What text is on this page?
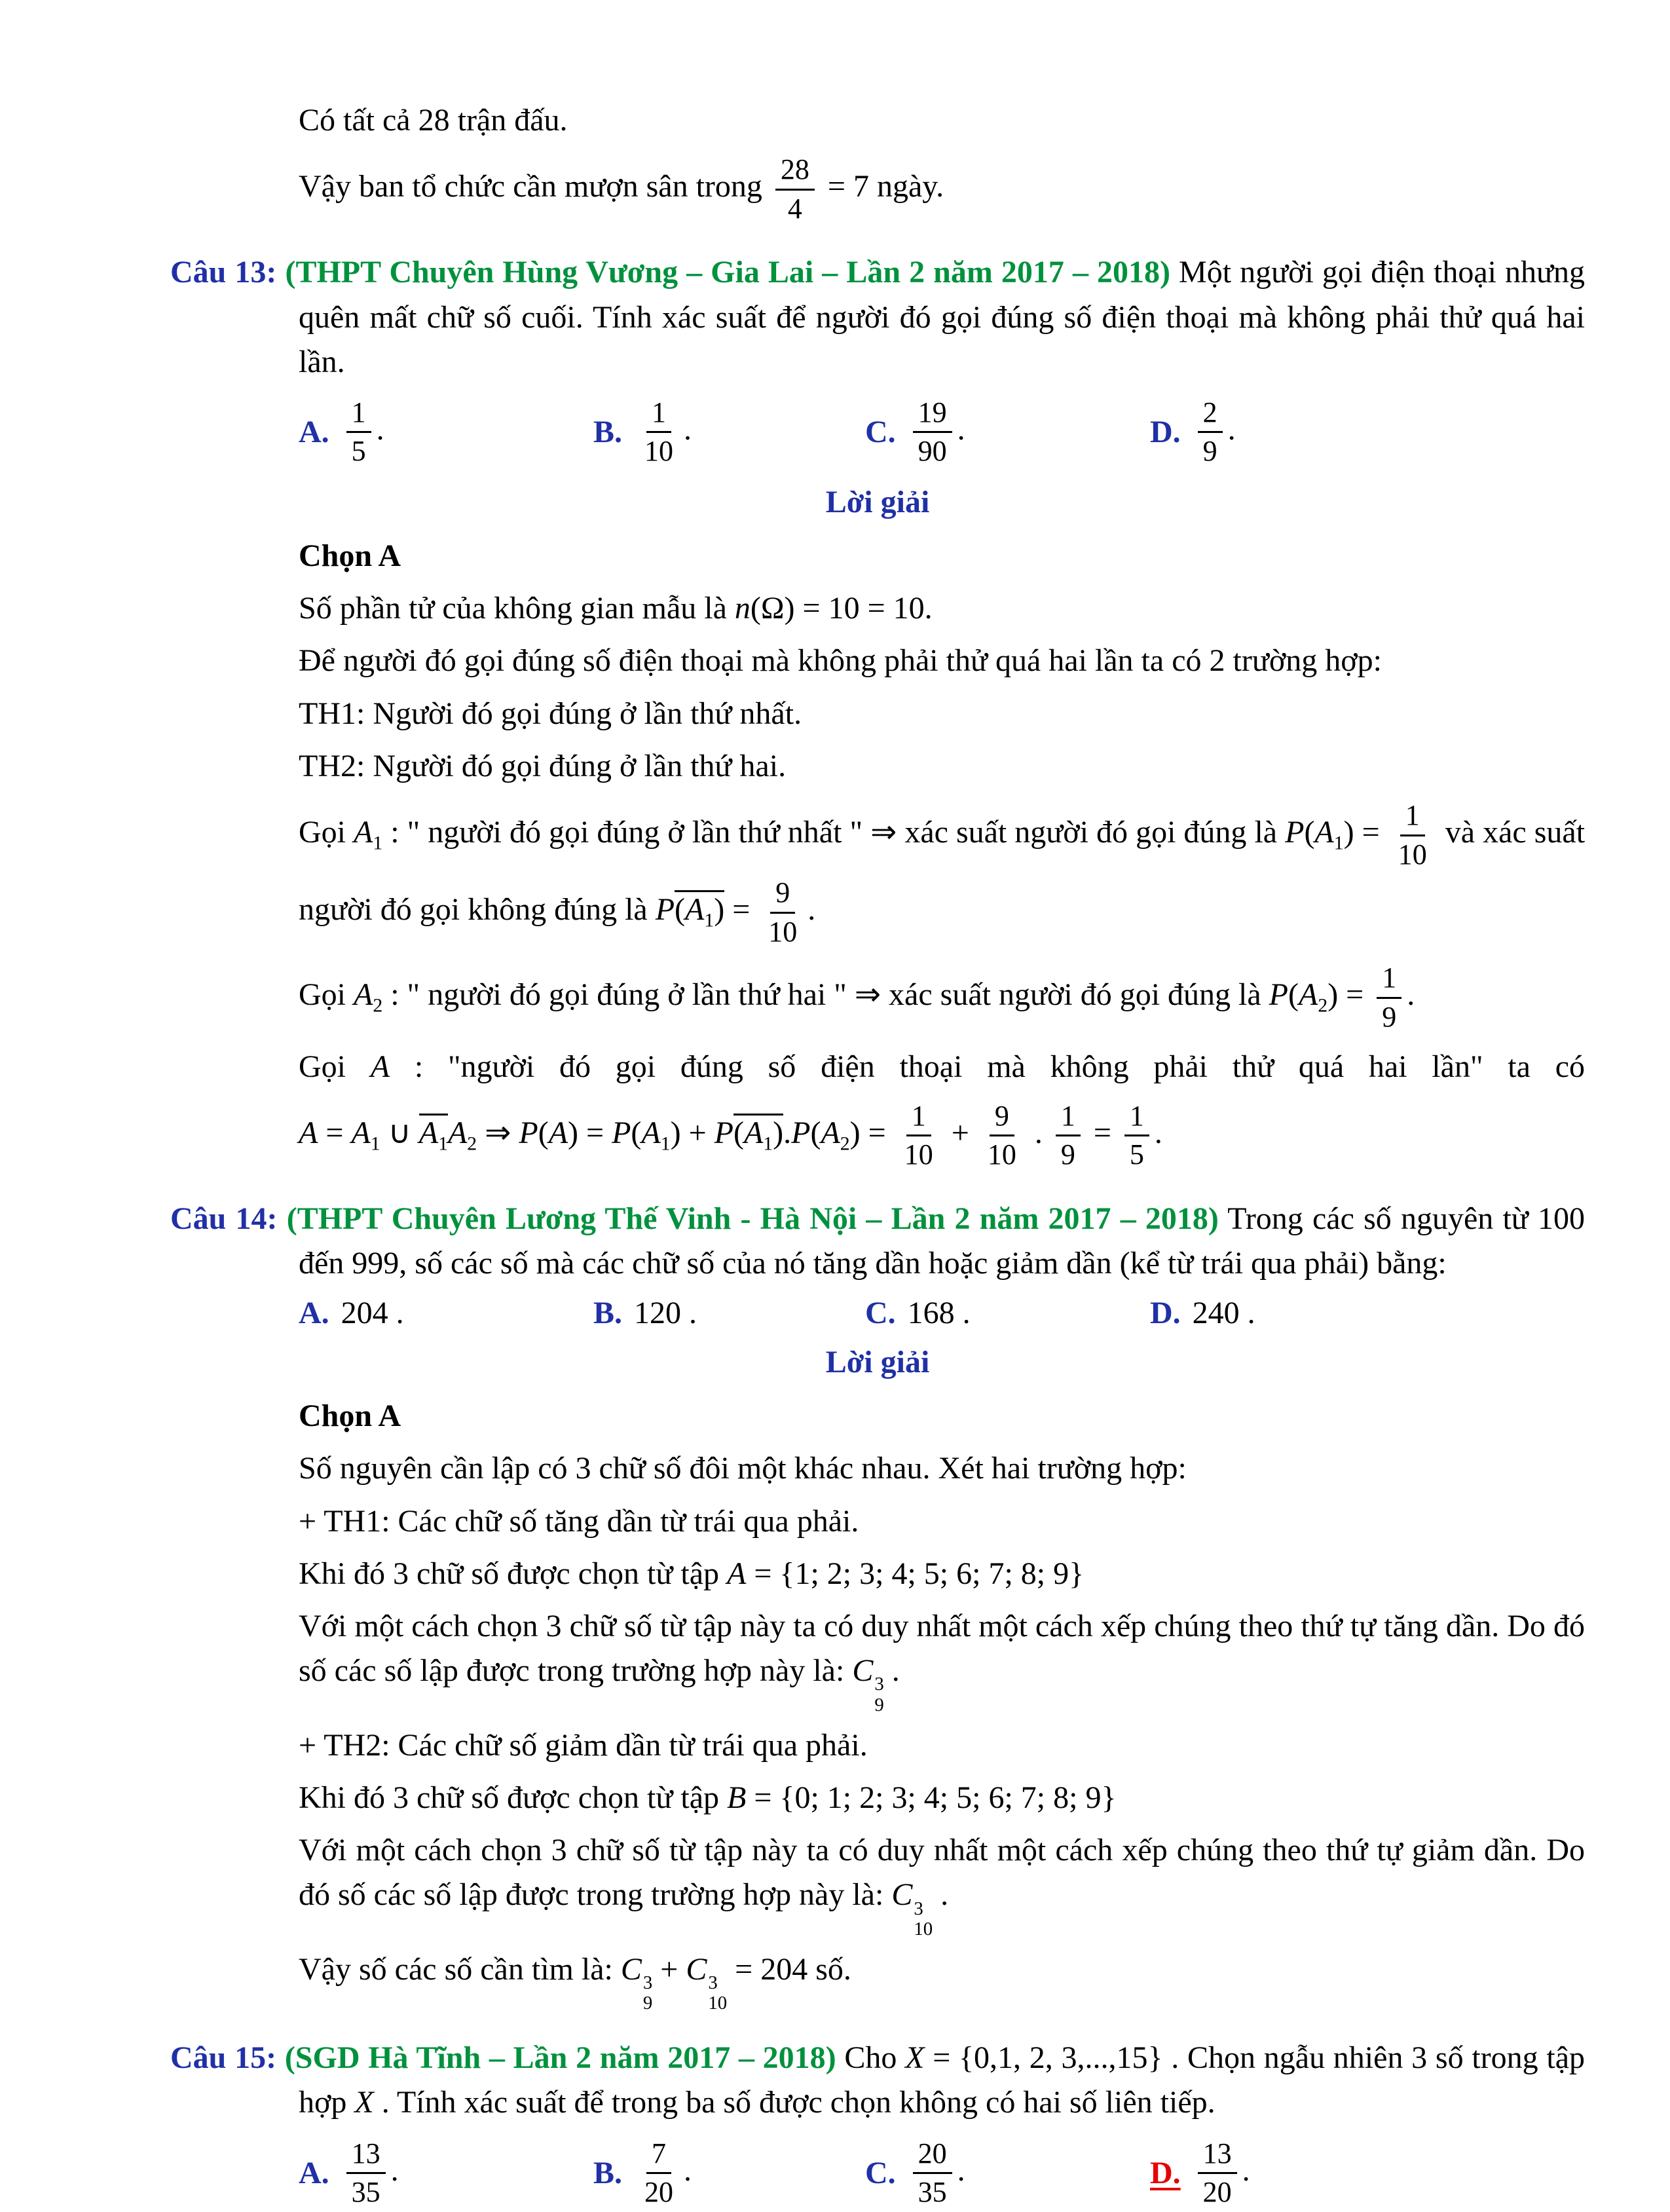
Có tất cả 28 trận đấu.

Vậy ban tổ chức cần mượn sân trong $\frac{28}{4} = 7$ ngày.

Câu 13: (THPT Chuyên Hùng Vương – Gia Lai – Lần 2 năm 2017 – 2018) Một người gọi điện thoại nhưng quên mất chữ số cuối. Tính xác suất để người đó gọi đúng số điện thoại mà không phải thử quá hai lần.

A. $\frac{1}{5}$ .	B. $\frac{1}{10}$ .	C. $\frac{19}{90}$ .	D. $\frac{2}{9}$ .

Lời giải

Chọn A

Số phần tử của không gian mẫu là n(Ω) = 10 = 10.

Để người đó gọi đúng số điện thoại mà không phải thử quá hai lần ta có 2 trường hợp:

TH1: Người đó gọi đúng ở lần thứ nhất.

TH2: Người đó gọi đúng ở lần thứ hai.

Gọi $A_1$ : " người đó gọi đúng ở lần thứ nhất " ⇒ xác suất người đó gọi đúng là $P(A_1) = \frac{1}{10}$ và xác suất người đó gọi không đúng là $P(A_1) = \frac{9}{10}$ .

Gọi $A_2$ : " người đó gọi đúng ở lần thứ hai " ⇒ xác suất người đó gọi đúng là $P(A_2) = \frac{1}{9}$ .

Gọi A : "người đó gọi đúng số điện thoại mà không phải thử quá hai lần" ta có

$A = A_1$ ∪ $A_1A_2$ ⇒ $P(A) = P(A_1) + P(A_1).P(A_2) = \frac{1}{10} + \frac{9}{10}$ . $\frac{1}{9} = \frac{1}{5}$ .

Câu 14: (THPT Chuyên Lương Thế Vinh - Hà Nội – Lần 2 năm 2017 – 2018) Trong các số nguyên từ 100 đến 999, số các số mà các chữ số của nó tăng dần hoặc giảm dần (kể từ trái qua phải) bằng:

A. 204 .	B. 120 .	C. 168 .	D. 240 .

Lời giải

Chọn A

Số nguyên cần lập có 3 chữ số đôi một khác nhau. Xét hai trường hợp:

+ TH1: Các chữ số tăng dần từ trái qua phải.

Khi đó 3 chữ số được chọn từ tập A = {1; 2; 3; 4; 5; 6; 7; 8; 9}

Với một cách chọn 3 chữ số từ tập này ta có duy nhất một cách xếp chúng theo thứ tự tăng dần. Do đó số các số lập được trong trường hợp này là: C 3
9
.

+ TH2: Các chữ số giảm dần từ trái qua phải.

Khi đó 3 chữ số được chọn từ tập B = {0; 1; 2; 3; 4; 5; 6; 7; 8; 9}

Với một cách chọn 3 chữ số từ tập này ta có duy nhất một cách xếp chúng theo thứ tự giảm dần. Do đó số các số lập được trong trường hợp này là: C 3
10
.

Vậy số các số cần tìm là: C 3
9
+ C 3
10
= 204 số.

Câu 15: (SGD Hà Tĩnh – Lần 2 năm 2017 – 2018) Cho X = {0,1, 2, 3,...,15} . Chọn ngẫu nhiên 3 số trong tập hợp X . Tính xác suất để trong ba số được chọn không có hai số liên tiếp.

A. $\frac{13}{35}$ .	B. $\frac{7}{20}$ .	C. $\frac{20}{35}$ .	D. $\frac{13}{20}$ .
